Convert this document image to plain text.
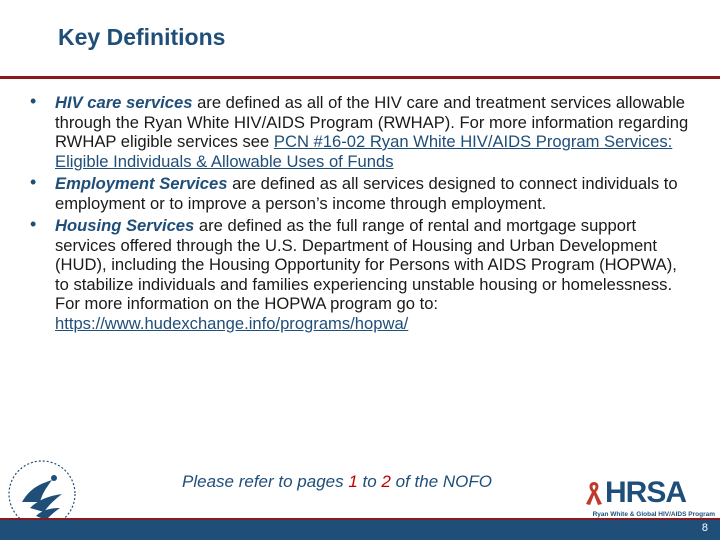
Key Definitions
• HIV care services are defined as all of the HIV care and treatment services allowable through the Ryan White HIV/AIDS Program (RWHAP). For more information regarding RWHAP eligible services see PCN #16-02 Ryan White HIV/AIDS Program Services: Eligible Individuals & Allowable Uses of Funds
• Employment Services are defined as all services designed to connect individuals to employment or to improve a person’s income through employment.
• Housing Services are defined as the full range of rental and mortgage support services offered through the U.S. Department of Housing and Urban Development (HUD), including the Housing Opportunity for Persons with AIDS Program (HOPWA), to stabilize individuals and families experiencing unstable housing or homelessness. For more information on the HOPWA program go to: https://www.hudexchange.info/programs/hopwa/
Please refer to pages 1 to 2 of the NOFO	HRSA
Ryan White & Global HIV/AIDS Program
8
